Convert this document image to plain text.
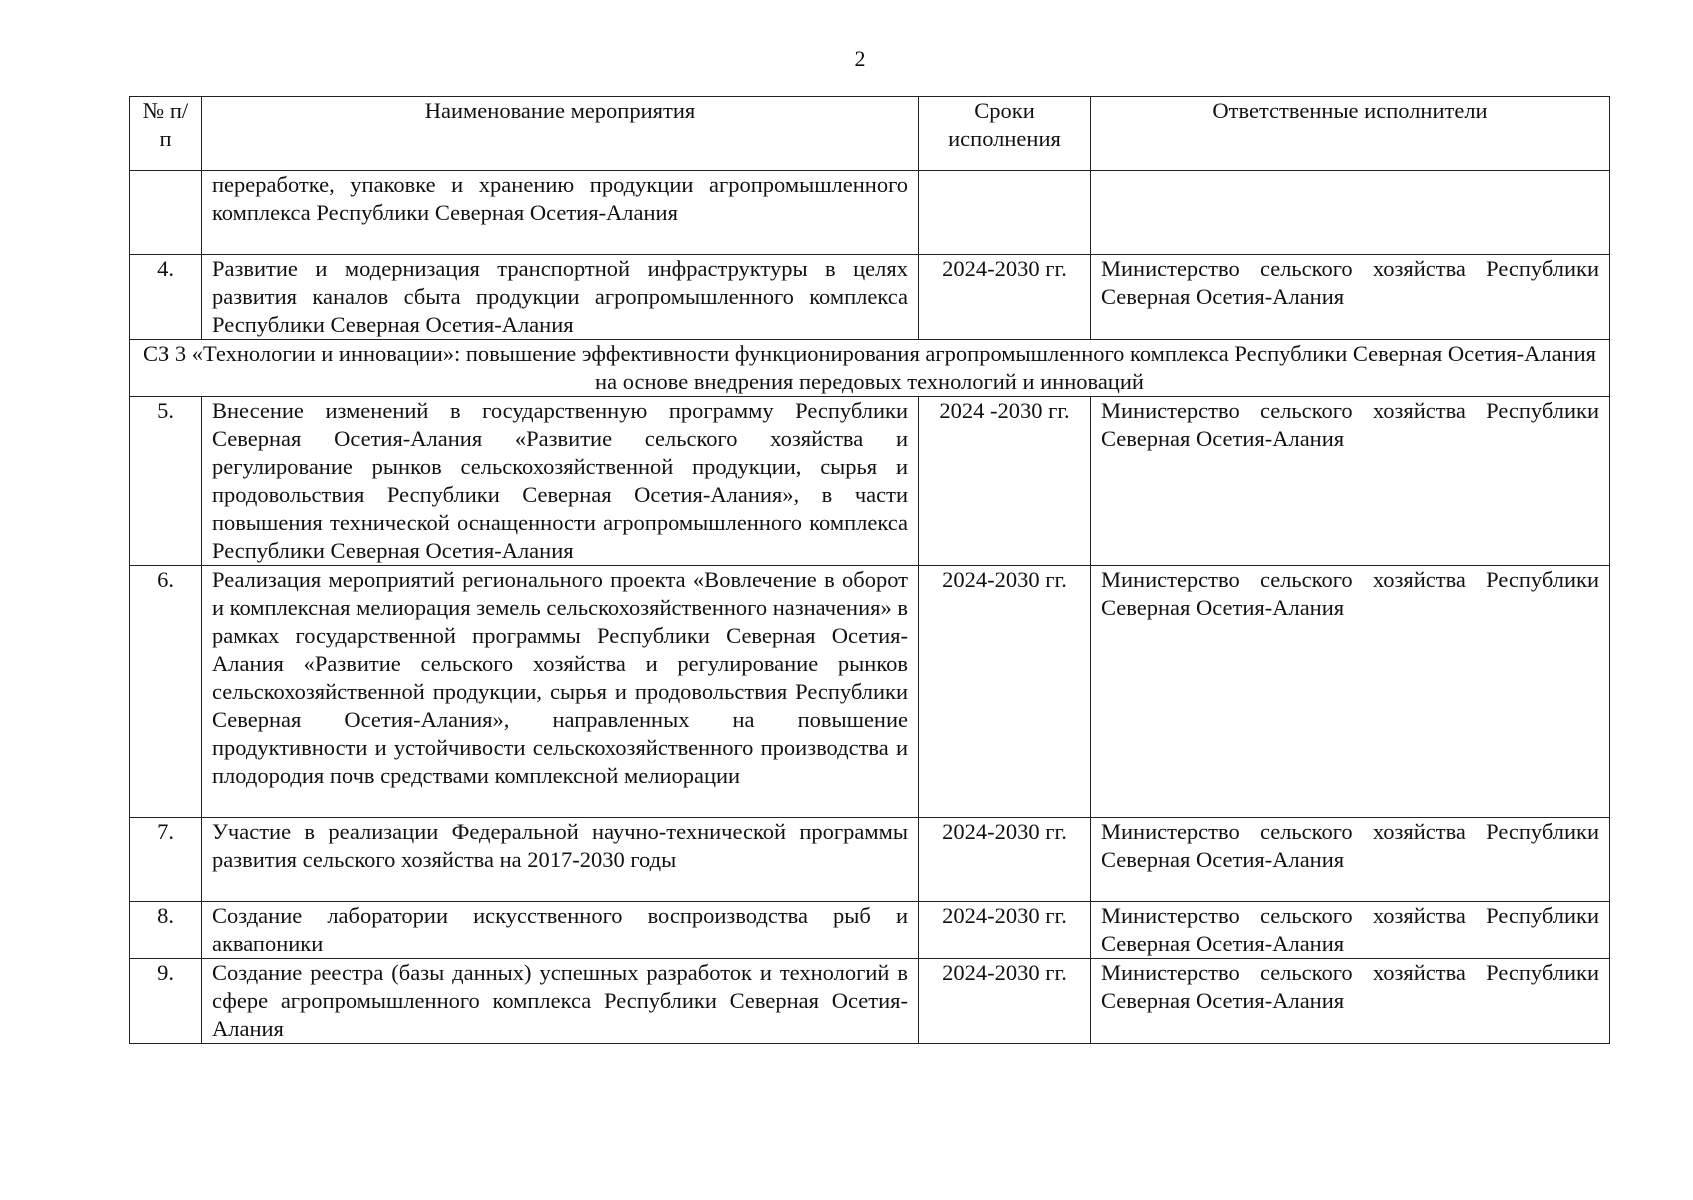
2
№ п/п	Наименование мероприятия	Сроки исполнения	Ответственные исполнители
	переработке, упаковке и хранению продукции агропромышленного комплекса Республики Северная Осетия-Алания		
4.	Развитие и модернизация транспортной инфраструктуры в целях развития каналов сбыта продукции агропромышленного комплекса Республики Северная Осетия-Алания	2024-2030 гг.	Министерство сельского хозяйства Республики Северная Осетия-Алания
СЗ 3 «Технологии и инновации»: повышение эффективности функционирования агропромышленного комплекса Республики Северная Осетия-Алания на основе внедрения передовых технологий и инноваций			
5.	Внесение изменений в государственную программу Республики Северная Осетия-Алания «Развитие сельского хозяйства и регулирование рынков сельскохозяйственной продукции, сырья и продовольствия Республики Северная Осетия-Алания», в части повышения технической оснащенности агропромышленного комплекса Республики Северная Осетия-Алания	2024 -2030 гг.	Министерство сельского хозяйства Республики Северная Осетия-Алания
6.	Реализация мероприятий регионального проекта «Вовлечение в оборот и комплексная мелиорация земель сельскохозяйственного назначения» в рамках государственной программы Республики Северная Осетия-Алания «Развитие сельского хозяйства и регулирование рынков сельскохозяйственной продукции, сырья и продовольствия Республики Северная Осетия-Алания», направленных на повышение продуктивности и устойчивости сельскохозяйственного производства и плодородия почв средствами комплексной мелиорации	2024-2030 гг.	Министерство сельского хозяйства Республики Северная Осетия-Алания
7.	Участие в реализации Федеральной научно-технической программы развития сельского хозяйства на 2017-2030 годы	2024-2030 гг.	Министерство сельского хозяйства Республики Северная Осетия-Алания
8.	Создание лаборатории искусственного воспроизводства рыб и аквапоники	2024-2030 гг.	Министерство сельского хозяйства Республики Северная Осетия-Алания
9.	Создание реестра (базы данных) успешных разработок и технологий в сфере агропромышленного комплекса Республики Северная Осетия-Алания	2024-2030 гг.	Министерство сельского хозяйства Республики Северная Осетия-Алания
